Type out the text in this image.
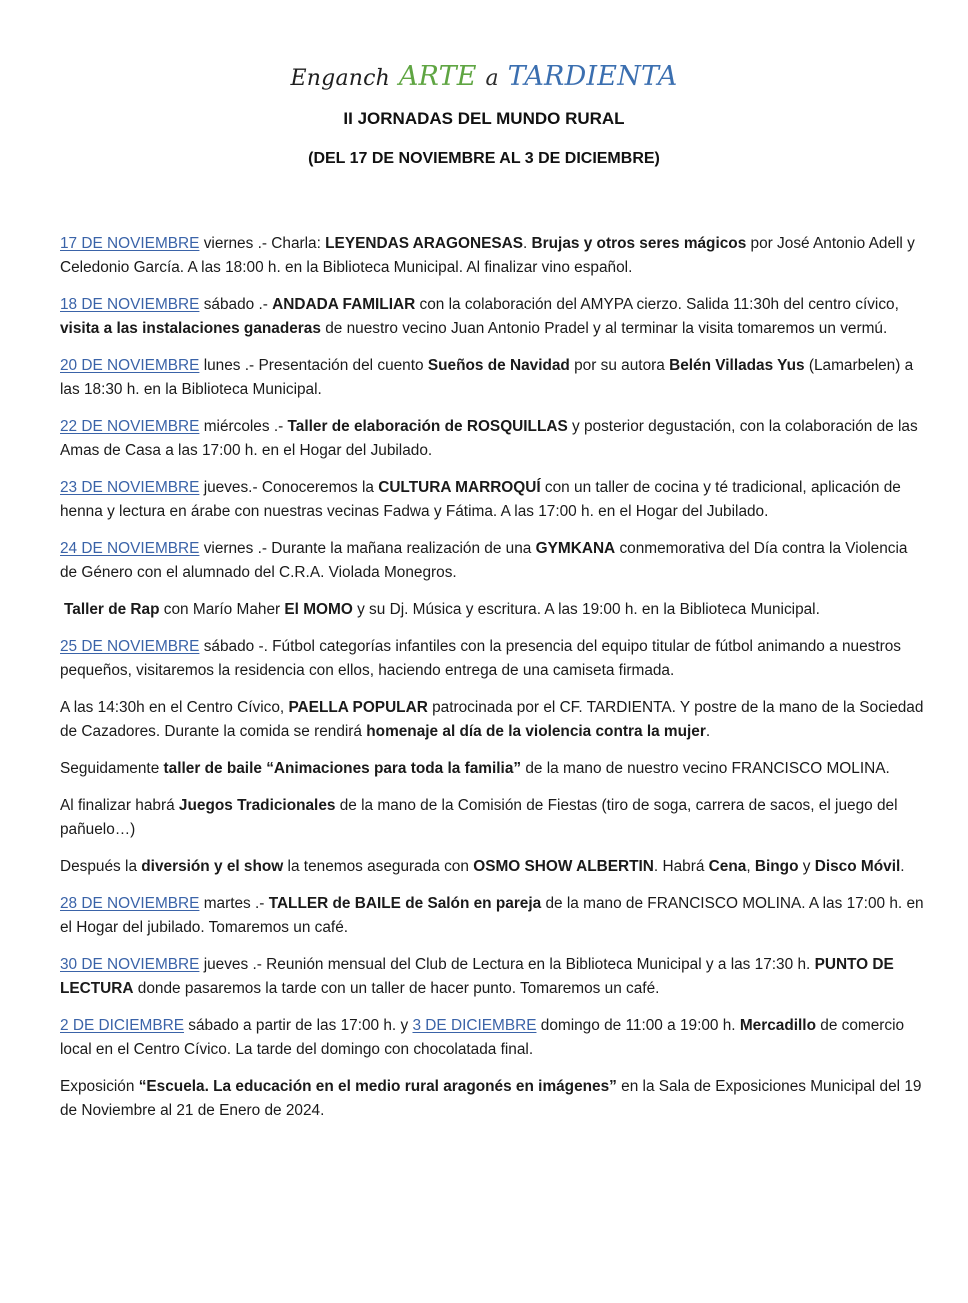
Enganch ARTE a TARDIENTA
II JORNADAS DEL MUNDO RURAL
(DEL 17 DE NOVIEMBRE AL 3 DE DICIEMBRE)

17 DE NOVIEMBRE viernes .- Charla: LEYENDAS ARAGONESAS. Brujas y otros seres mágicos por José Antonio Adell y Celedonio García. A las 18:00 h. en la Biblioteca Municipal. Al finalizar vino español.

18 DE NOVIEMBRE sábado .- ANDADA FAMILIAR con la colaboración del AMYPA cierzo. Salida 11:30h del centro cívico, visita a las instalaciones ganaderas de nuestro vecino Juan Antonio Pradel y al terminar la visita tomaremos un vermú.

20 DE NOVIEMBRE lunes .- Presentación del cuento Sueños de Navidad por su autora Belén Villadas Yus (Lamarbelen) a las 18:30 h. en la Biblioteca Municipal.

22 DE NOVIEMBRE miércoles .- Taller de elaboración de ROSQUILLAS y posterior degustación, con la colaboración de las Amas de Casa a las 17:00 h. en el Hogar del Jubilado.

23 DE NOVIEMBRE jueves.- Conoceremos la CULTURA MARROQUÍ con un taller de cocina y té tradicional, aplicación de henna y lectura en árabe con nuestras vecinas Fadwa y Fátima. A las 17:00 h. en el Hogar del Jubilado.

24 DE NOVIEMBRE viernes .- Durante la mañana realización de una GYMKANA conmemorativa del Día contra la Violencia de Género con el alumnado del C.R.A. Violada Monegros.

Taller de Rap con Marío Maher El MOMO y su Dj. Música y escritura. A las 19:00 h. en la Biblioteca Municipal.

25 DE NOVIEMBRE sábado -. Fútbol categorías infantiles con la presencia del equipo titular de fútbol animando a nuestros pequeños, visitaremos la residencia con ellos, haciendo entrega de una camiseta firmada.

A las 14:30h en el Centro Cívico, PAELLA POPULAR patrocinada por el CF. TARDIENTA. Y postre de la mano de la Sociedad de Cazadores. Durante la comida se rendirá homenaje al día de la violencia contra la mujer.

Seguidamente taller de baile “Animaciones para toda la familia” de la mano de nuestro vecino FRANCISCO MOLINA.

Al finalizar habrá Juegos Tradicionales de la mano de la Comisión de Fiestas (tiro de soga, carrera de sacos, el juego del pañuelo…)

Después la diversión y el show la tenemos asegurada con OSMO SHOW ALBERTIN. Habrá Cena, Bingo y Disco Móvil.

28 DE NOVIEMBRE martes .- TALLER de BAILE de Salón en pareja de la mano de FRANCISCO MOLINA. A las 17:00 h. en el Hogar del jubilado. Tomaremos un café.

30 DE NOVIEMBRE jueves .- Reunión mensual del Club de Lectura en la Biblioteca Municipal y a las 17:30 h. PUNTO DE LECTURA donde pasaremos la tarde con un taller de hacer punto. Tomaremos un café.

2 DE DICIEMBRE sábado a partir de las 17:00 h. y 3 DE DICIEMBRE domingo de 11:00 a 19:00 h. Mercadillo de comercio local en el Centro Cívico. La tarde del domingo con chocolatada final.

Exposición “Escuela. La educación en el medio rural aragonés en imágenes” en la Sala de Exposiciones Municipal del 19 de Noviembre al 21 de Enero de 2024.
